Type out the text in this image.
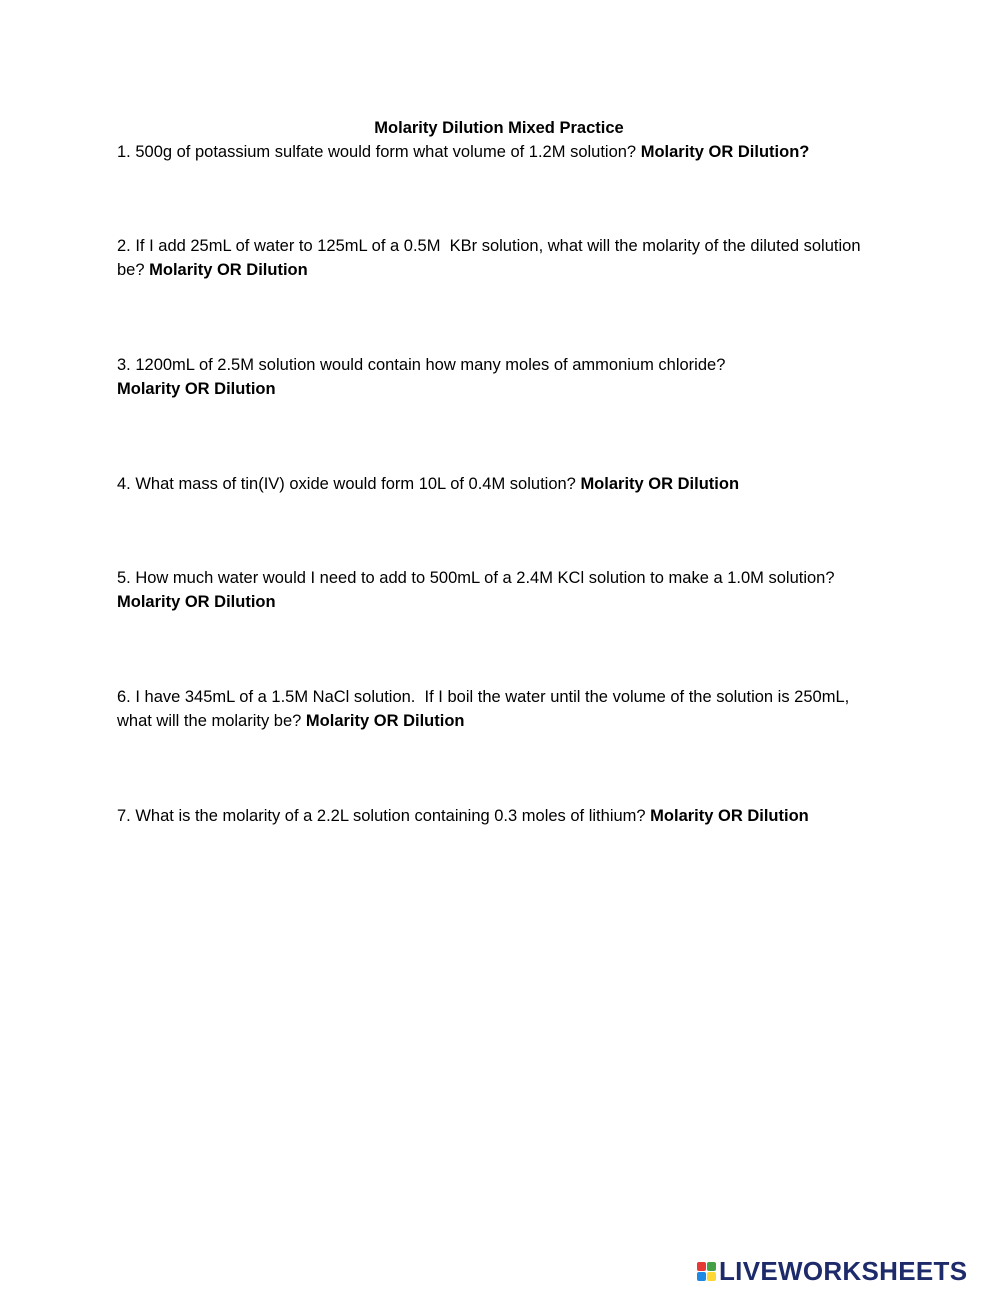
Molarity Dilution Mixed Practice
1. 500g of potassium sulfate would form what volume of 1.2M solution? Molarity OR Dilution?
2. If I add 25mL of water to 125mL of a 0.5M  KBr solution, what will the molarity of the diluted solution be? Molarity OR Dilution
3. 1200mL of 2.5M solution would contain how many moles of ammonium chloride?
Molarity OR Dilution
4. What mass of tin(IV) oxide would form 10L of 0.4M solution? Molarity OR Dilution
5. How much water would I need to add to 500mL of a 2.4M KCl solution to make a 1.0M solution? Molarity OR Dilution
6. I have 345mL of a 1.5M NaCl solution.  If I boil the water until the volume of the solution is 250mL, what will the molarity be? Molarity OR Dilution
7. What is the molarity of a 2.2L solution containing 0.3 moles of lithium? Molarity OR Dilution
LIVEWORKSHEETS
